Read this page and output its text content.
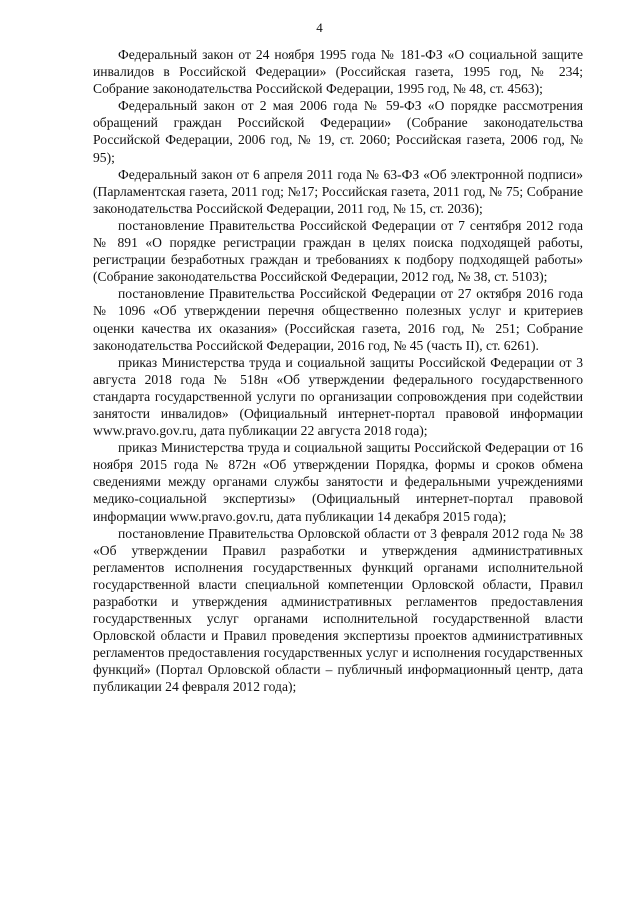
4

Федеральный закон от 24 ноября 1995 года № 181-ФЗ «О социальной защите инвалидов в Российской Федерации» (Российская газета, 1995 год, № 234; Собрание законодательства Российской Федерации, 1995 год, № 48, ст. 4563);

Федеральный закон от 2 мая 2006 года № 59-ФЗ «О порядке рассмотрения обращений граждан Российской Федерации» (Собрание законодательства Российской Федерации, 2006 год, № 19, ст. 2060; Российская газета, 2006 год, № 95);

Федеральный закон от 6 апреля 2011 года № 63-ФЗ «Об электронной подписи» (Парламентская газета, 2011 год; №17; Российская газета, 2011 год, № 75; Собрание законодательства Российской Федерации, 2011 год, № 15, ст. 2036);

постановление Правительства Российской Федерации от 7 сентября 2012 года № 891 «О порядке регистрации граждан в целях поиска подходящей работы, регистрации безработных граждан и требованиях к подбору подходящей работы» (Собрание законодательства Российской Федерации, 2012 год, № 38, ст. 5103);

постановление Правительства Российской Федерации от 27 октября 2016 года № 1096 «Об утверждении перечня общественно полезных услуг и критериев оценки качества их оказания» (Российская газета, 2016 год, № 251; Собрание законодательства Российской Федерации, 2016 год, № 45 (часть II), ст. 6261).

приказ Министерства труда и социальной защиты Российской Федерации от 3 августа 2018 года № 518н «Об утверждении федерального государственного стандарта государственной услуги по организации сопровождения при содействии занятости инвалидов» (Официальный интернет-портал правовой информации www.pravo.gov.ru, дата публикации 22 августа 2018 года);

приказ Министерства труда и социальной защиты Российской Федерации от 16 ноября 2015 года № 872н «Об утверждении Порядка, формы и сроков обмена сведениями между органами службы занятости и федеральными учреждениями медико-социальной экспертизы» (Официальный интернет-портал правовой информации www.pravo.gov.ru, дата публикации 14 декабря 2015 года);

постановление Правительства Орловской области от 3 февраля 2012 года № 38 «Об утверждении Правил разработки и утверждения административных регламентов исполнения государственных функций органами исполнительной государственной власти специальной компетенции Орловской области, Правил разработки и утверждения административных регламентов предоставления государственных услуг органами исполнительной государственной власти Орловской области и Правил проведения экспертизы проектов административных регламентов предоставления государственных услуг и исполнения государственных функций» (Портал Орловской области – публичный информационный центр, дата публикации 24 февраля 2012 года);
